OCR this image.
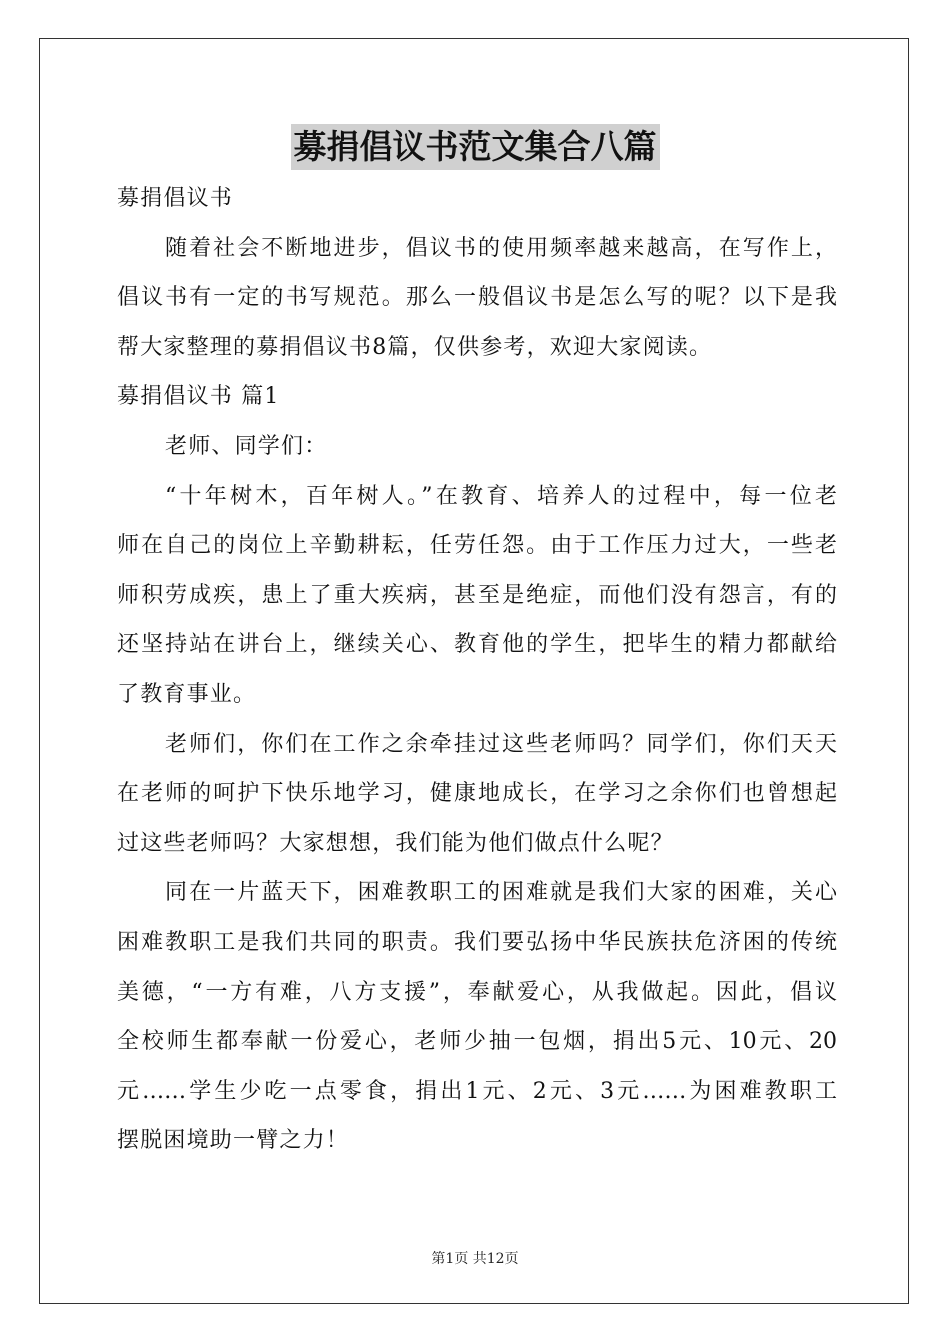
募捐倡议书范文集合八篇
募捐倡议书
随着社会不断地进步，倡议书的使用频率越来越高，在写作上，
倡议书有一定的书写规范。那么一般倡议书是怎么写的呢？以下是我
帮大家整理的募捐倡议书8篇，仅供参考，欢迎大家阅读。
募捐倡议书 篇1
老师、同学们：
“十年树木，百年树人。”在教育、培养人的过程中，每一位老
师在自己的岗位上辛勤耕耘，任劳任怨。由于工作压力过大，一些老
师积劳成疾，患上了重大疾病，甚至是绝症，而他们没有怨言，有的
还坚持站在讲台上，继续关心、教育他的学生，把毕生的精力都献给
了教育事业。
老师们，你们在工作之余牵挂过这些老师吗？同学们，你们天天
在老师的呵护下快乐地学习，健康地成长，在学习之余你们也曾想起
过这些老师吗？大家想想，我们能为他们做点什么呢？
同在一片蓝天下，困难教职工的困难就是我们大家的困难，关心
困难教职工是我们共同的职责。我们要弘扬中华民族扶危济困的传统
美德，“一方有难，八方支援”，奉献爱心，从我做起。因此，倡议
全校师生都奉献一份爱心，老师少抽一包烟，捐出5元、10元、20
元……学生少吃一点零食，捐出1元、2元、3元……为困难教职工
摆脱困境助一臂之力！
第1页 共12页
